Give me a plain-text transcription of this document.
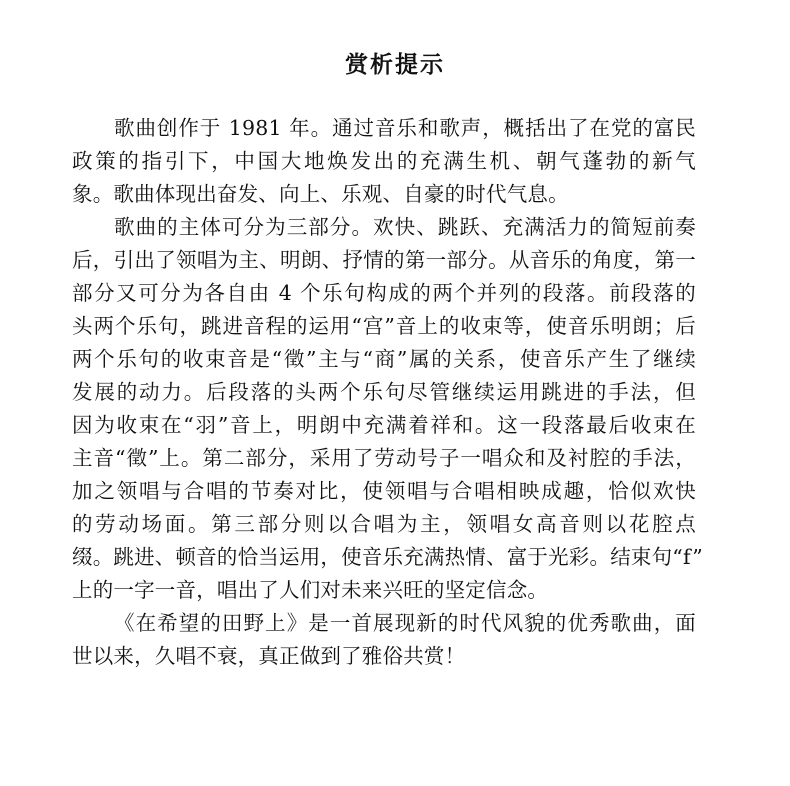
赏析提示
歌曲创作于 1981 年。通过音乐和歌声，概括出了在党的富民
政策的指引下，中国大地焕发出的充满生机、朝气蓬勃的新气
象。歌曲体现出奋发、向上、乐观、自豪的时代气息。
歌曲的主体可分为三部分。欢快、跳跃、充满活力的简短前奏
后，引出了领唱为主、明朗、抒情的第一部分。从音乐的角度，第一
部分又可分为各自由 4 个乐句构成的两个并列的段落。前段落的
头两个乐句，跳进音程的运用“宫”音上的收束等，使音乐明朗；后
两个乐句的收束音是“徵”主与“商”属的关系，使音乐产生了继续
发展的动力。后段落的头两个乐句尽管继续运用跳进的手法，但
因为收束在“羽”音上，明朗中充满着祥和。这一段落最后收束在
主音“徵”上。第二部分，采用了劳动号子一唱众和及衬腔的手法，
加之领唱与合唱的节奏对比，使领唱与合唱相映成趣，恰似欢快
的劳动场面。第三部分则以合唱为主，领唱女高音则以花腔点
缀。跳进、顿音的恰当运用，使音乐充满热情、富于光彩。结束句“f”
上的一字一音，唱出了人们对未来兴旺的坚定信念。
《在希望的田野上》是一首展现新的时代风貌的优秀歌曲，面
世以来，久唱不衰，真正做到了雅俗共赏！
